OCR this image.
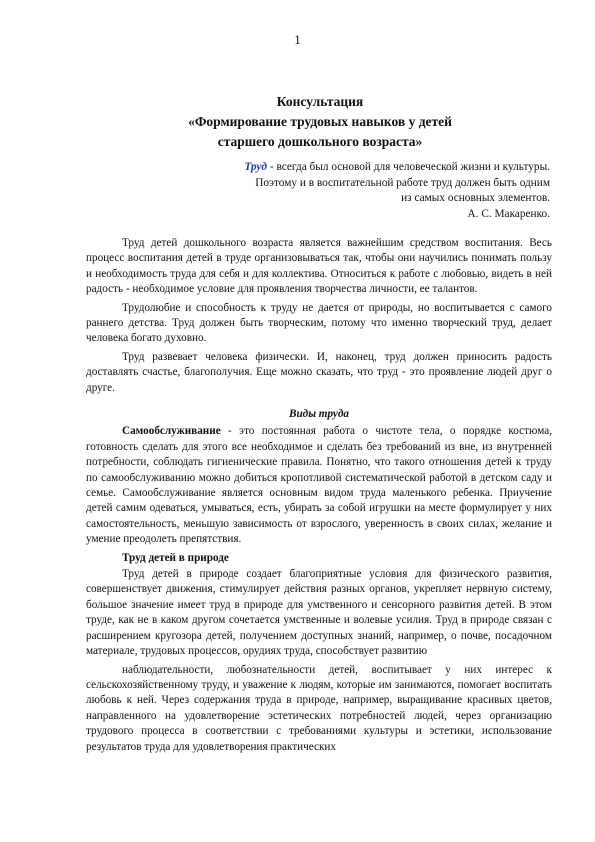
1
Консультация
«Формирование трудовых навыков у детей
старшего дошкольного возраста»
Труд - всегда был основой для человеческой жизни и культуры.
Поэтому и в воспитательной работе труд должен быть одним
из самых основных элементов.
А. С. Макаренко.

Труд детей дошкольного возраста является важнейшим средством воспитания. Весь процесс воспитания детей в труде организовываться так, чтобы они научились понимать пользу и необходимость труда для себя и для коллектива. Относиться к работе с любовью, видеть в ней радость - необходимое условие для проявления творчества личности, ее талантов.

Трудолюбие и способность к труду не дается от природы, но воспитывается с самого раннего детства. Труд должен быть творческим, потому что именно творческий труд, делает человека богато духовно.

Труд развевает человека физически. И, наконец, труд должен приносить радость доставлять счастье, благополучия. Еще можно сказать, что труд - это проявление людей друг о друге.

Виды труда

Самообслуживание - это постоянная работа о чистоте тела, о порядке костюма, готовность сделать для этого все необходимое и сделать без требований из вне, из внутренней потребности, соблюдать гигиенические правила. Понятно, что такого отношения детей к труду по самообслуживанию можно добиться кропотливой систематической работой в детском саду и семье. Самообслуживание является основным видом труда маленького ребенка. Приучение детей самим одеваться, умываться, есть, убирать за собой игрушки на месте формулирует у них самостоятельность, меньшую зависимость от взрослого, уверенность в своих силах, желание и умение преодолеть препятствия.

Труд детей в природе

Труд детей в природе создает благоприятные условия для физического развития, совершенствует движения, стимулирует действия разных органов, укрепляет нервную систему, большое значение имеет труд в природе для умственного и сенсорного развития детей. В этом труде, как не в каком другом сочетается умственные и волевые усилия. Труд в природе связан с расширением кругозора детей, получением доступных знаний, например, о почве, посадочном материале, трудовых процессов, орудиях труда, способствует развитию

наблюдательности, любознательности детей, воспитывает у них интерес к сельскохозяйственному труду, и уважение к людям, которые им занимаются, помогает воспитать любовь к ней. Через содержания труда в природе, например, выращивание красивых цветов, направленного на удовлетворение эстетических потребностей людей, через организацию трудового процесса в соответствии с требованиями культуры и эстетики, использование результатов труда для удовлетворения практических
